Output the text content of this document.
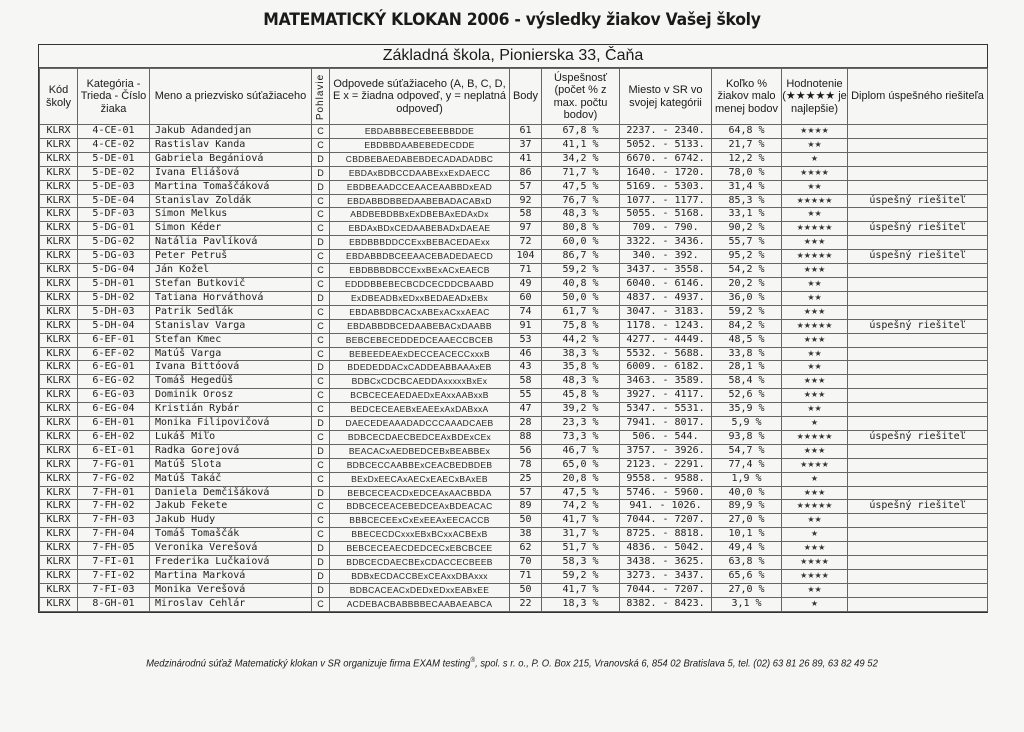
MATEMATICKÝ KLOKAN 2006 - výsledky žiakov Vašej školy
Základná škola, Pionierska 33, Čaňa
Kód školy	Kategória - Trieda - Číslo žiaka	Meno a priezvisko súťažiaceho	Pohlavie	Odpovede súťažiaceho (A, B, C, D, E x = žiadna odpoveď, y = neplatná odpoveď)	Body	Úspešnosť (počet % z max. počtu bodov)	Miesto v SR vo svojej kategórii	Koľko % žiakov malo menej bodov	Hodnotenie (★★★★★ je najlepšie)	Diplom úspešného riešiteľa
KLRX	4-CE-01	Jakub Adandedjan	C	EBDABBBECEBEEBBDDE	61	67,8 %	2237. - 2340.	64,8 %	★★★★	
KLRX	4-CE-02	Rastislav Kanda	C	EBDBBDAABEBEDECDDE	37	41,1 %	5052. - 5133.	21,7 %	★★	
KLRX	5-DE-01	Gabriela Begániová	D	CBDBEBAEDABEBDECADADADBC	41	34,2 %	6670. - 6742.	12,2 %	★	
KLRX	5-DE-02	Ivana Eliášová	D	EBDAxBDBCCDAABExxExDAECC	86	71,7 %	1640. - 1720.	78,0 %	★★★★	
KLRX	5-DE-03	Martina Tomaščáková	D	EBDBEAADCCEAACEAABBDxEAD	57	47,5 %	5169. - 5303.	31,4 %	★★	
KLRX	5-DE-04	Stanislav Žoldák	C	EBDABBDBBEDAABEBADACABxD	92	76,7 %	1077. - 1177.	85,3 %	★★★★★	úspešný riešiteľ
KLRX	5-DF-03	Šimon Melkus	C	ABDBEBDBBxExDBEBAxEDAxDx	58	48,3 %	5055. - 5168.	33,1 %	★★	
KLRX	5-DG-01	Šimon Kéder	C	EBDAxBDxCEDAABEBADxDAEAE	97	80,8 %	709. - 790.	90,2 %	★★★★★	úspešný riešiteľ
KLRX	5-DG-02	Natália Pavlíková	D	EBDBBBDDCCExxBEBACEDAExx	72	60,0 %	3322. - 3436.	55,7 %	★★★	
KLRX	5-DG-03	Peter Petruš	C	EBDABBDBCEEAACEBADEDAECD	104	86,7 %	340. - 392.	95,2 %	★★★★★	úspešný riešiteľ
KLRX	5-DG-04	Ján Kožel	C	EBDBBBDBCCExxBExACxEAECB	71	59,2 %	3437. - 3558.	54,2 %	★★★	
KLRX	5-DH-01	Štefan Butkovič	C	EDDDBBEBECBCDCECDDCBAABD	49	40,8 %	6040. - 6146.	20,2 %	★★	
KLRX	5-DH-02	Tatiana Horváthová	D	ExDBEADBxEDxxBEDAEADxEBx	60	50,0 %	4837. - 4937.	36,0 %	★★	
KLRX	5-DH-03	Patrik Sedlák	C	EBDABBDBCACxABExACxxAEAC	74	61,7 %	3047. - 3183.	59,2 %	★★★	
KLRX	5-DH-04	Stanislav Varga	C	EBDABBDBCEDAABEBACxDAABB	91	75,8 %	1178. - 1243.	84,2 %	★★★★★	úspešný riešiteľ
KLRX	6-EF-01	Štefan Kmec	C	BEBCEBECEDDEDCEAAECCBCEB	53	44,2 %	4277. - 4449.	48,5 %	★★★	
KLRX	6-EF-02	Matúš Varga	C	BEBEEDEAExDECCEACECCxxxB	46	38,3 %	5532. - 5688.	33,8 %	★★	
KLRX	6-EG-01	Ivana Bittóová	D	BDEDEDDACxCADDEABBAAAxEB	43	35,8 %	6009. - 6182.	28,1 %	★★	
KLRX	6-EG-02	Tomáš Hegedüš	C	BDBCxCDCBCAEDDAxxxxxBxEx	58	48,3 %	3463. - 3589.	58,4 %	★★★	
KLRX	6-EG-03	Dominik Orosz	C	BCBCECEAEDAEDxEAxxAABxxB	55	45,8 %	3927. - 4117.	52,6 %	★★★	
KLRX	6-EG-04	Kristián Rybár	C	BEDCECEAEBxEAEExAxDABxxA	47	39,2 %	5347. - 5531.	35,9 %	★★	
KLRX	6-EH-01	Monika Filipovičová	D	DAECEDEAAADADCCCAAADCAEB	28	23,3 %	7941. - 8017.	5,9 %	★	
KLRX	6-EH-02	Lukáš Miľo	C	BDBCECDAECBEDCEAxBDExCEx	88	73,3 %	506. - 544.	93,8 %	★★★★★	úspešný riešiteľ
KLRX	6-EI-01	Radka Gorejová	D	BEACACxAEDBEDCEBxBEABBEx	56	46,7 %	3757. - 3926.	54,7 %	★★★	
KLRX	7-FG-01	Matúš Slota	C	BDBCECCAABBExCEACBEDBDEB	78	65,0 %	2123. - 2291.	77,4 %	★★★★	
KLRX	7-FG-02	Matúš Takáč	C	BExDxEECAxAECxEAECxBAxEB	25	20,8 %	9558. - 9588.	1,9 %	★	
KLRX	7-FH-01	Daniela Demčišáková	D	BEBCECEACDxEDCEAxAACBBDA	57	47,5 %	5746. - 5960.	40,0 %	★★★	
KLRX	7-FH-02	Jakub Fekete	C	BDBCECEACEBEDCEAxBDEACAC	89	74,2 %	941. - 1026.	89,9 %	★★★★★	úspešný riešiteľ
KLRX	7-FH-03	Jakub Hudy	C	BBBCECEExCxExEEAxEECACCB	50	41,7 %	7044. - 7207.	27,0 %	★★	
KLRX	7-FH-04	Tomáš Tomaščák	C	BBECECDCxxxEBxBCxxACBExB	38	31,7 %	8725. - 8818.	10,1 %	★	
KLRX	7-FH-05	Veronika Verešová	D	BEBCECEAECDEDCECxEBCBCEE	62	51,7 %	4836. - 5042.	49,4 %	★★★	
KLRX	7-FI-01	Frederika Lučkaiová	D	BDBCECDAECBExCDACCECBEEB	70	58,3 %	3438. - 3625.	63,8 %	★★★★	
KLRX	7-FI-02	Martina Marková	D	BDBxECDACCBExCEAxxDBAxxx	71	59,2 %	3273. - 3437.	65,6 %	★★★★	
KLRX	7-FI-03	Monika Verešová	D	BDBCACEACxDEDxEDxxEABxEE	50	41,7 %	7044. - 7207.	27,0 %	★★	
KLRX	8-GH-01	Miroslav Cehlár	C	ACDEBACBABBBBECAABAEABCA	22	18,3 %	8382. - 8423.	3,1 %	★	
Medzinárodnú súťaž Matematický klokan v SR organizuje firma EXAM testing®, spol. s r. o., P. O. Box 215, Vranovská 6, 854 02 Bratislava 5, tel. (02) 63 81 26 89, 63 82 49 52
